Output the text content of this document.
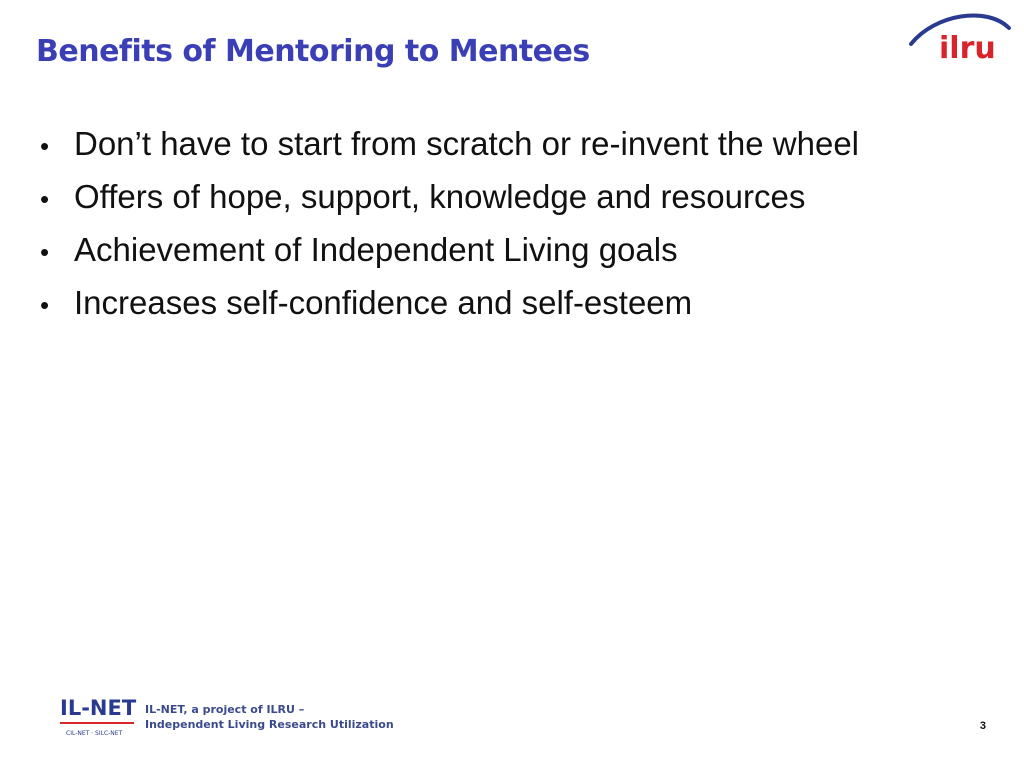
Benefits of Mentoring to Mentees	ilru
• Don’t have to start from scratch or re-invent the wheel
• Offers of hope, support, knowledge and resources
• Achievement of Independent Living goals
• Increases self-confidence and self-esteem
IL-NET
CIL-NET · SILC-NET
IL-NET, a project of ILRU –
Independent Living Research Utilization	3
